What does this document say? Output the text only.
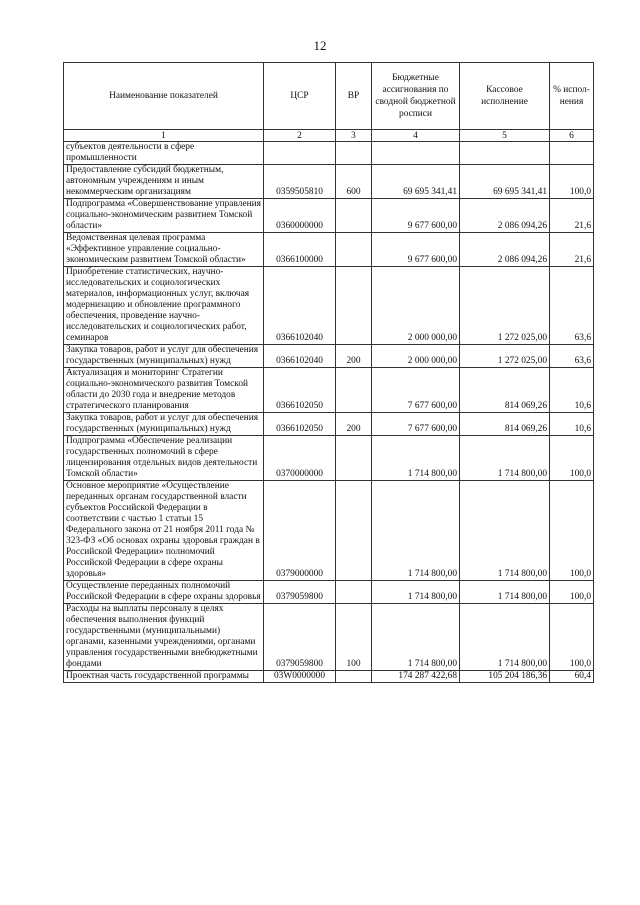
12
Наименование показателей	ЦСР	ВР	Бюджетные ассигнования по сводной бюджетной росписи	Кассовое исполнение	% испол-нения
1	2	3	4	5	6
субъектов деятельности в сфере промышленности					
Предоставление субсидий бюджетным, автономным учреждениям и иным некоммерческим организациям	0359505810	600	69 695 341,41	69 695 341,41	100,0
Подпрограмма «Совершенствование управления социально-экономическим развитием Томской области»	0360000000		9 677 600,00	2 086 094,26	21,6
Ведомственная целевая программа «Эффективное управление социально-экономическим развитием Томской области»	0366100000		9 677 600,00	2 086 094,26	21,6
Приобретение статистических, научно-исследовательских и социологических материалов, информационных услуг, включая модернизацию и обновление программного обеспечения, проведение научно-исследовательских и социологических работ, семинаров	0366102040		2 000 000,00	1 272 025,00	63,6
Закупка товаров, работ и услуг для обеспечения государственных (муниципальных) нужд	0366102040	200	2 000 000,00	1 272 025,00	63,6
Актуализация и мониторинг Стратегии социально-экономического развития Томской области до 2030 года и внедрение методов стратегического планирования	0366102050		7 677 600,00	814 069,26	10,6
Закупка товаров, работ и услуг для обеспечения государственных (муниципальных) нужд	0366102050	200	7 677 600,00	814 069,26	10,6
Подпрограмма «Обеспечение реализации государственных полномочий в сфере лицензирования отдельных видов деятельности Томской области»	0370000000		1 714 800,00	1 714 800,00	100,0
Основное мероприятие «Осуществление переданных органам государственной власти субъектов Российской Федерации в соответствии с частью 1 статьи 15 Федерального закона от 21 ноября 2011 года № 323-ФЗ «Об основах охраны здоровья граждан в Российской Федерации» полномочий Российской Федерации в сфере охраны здоровья»	0379000000		1 714 800,00	1 714 800,00	100,0
Осуществление переданных полномочий Российской Федерации в сфере охраны здоровья	0379059800		1 714 800,00	1 714 800,00	100,0
Расходы на выплаты персоналу в целях обеспечения выполнения функций государственными (муниципальными) органами, казенными учреждениями, органами управления государственными внебюджетными фондами	0379059800	100	1 714 800,00	1 714 800,00	100,0
Проектная часть государственной программы	03W0000000		174 287 422,68	105 204 186,36	60,4
